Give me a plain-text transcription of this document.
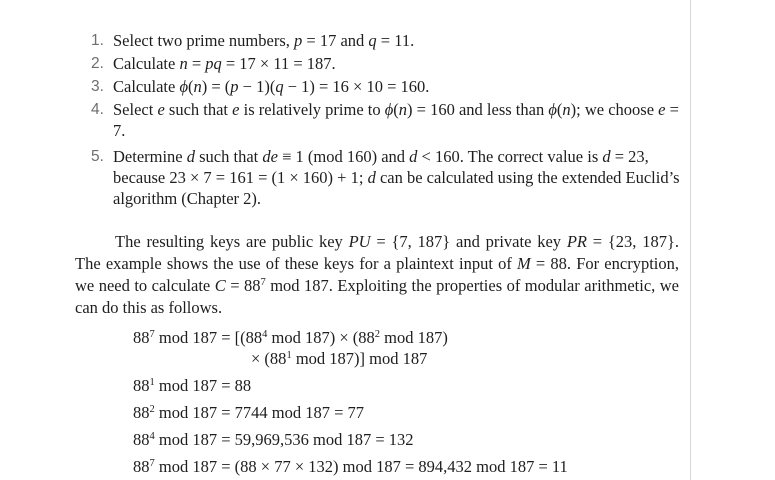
1. Select two prime numbers, p = 17 and q = 11.
2. Calculate n = pq = 17 × 11 = 187.
3. Calculate ϕ(n) = (p − 1)(q − 1) = 16 × 10 = 160.
4. Select e such that e is relatively prime to ϕ(n) = 160 and less than ϕ(n); we choose e = 7.
5. Determine d such that de ≡ 1 (mod 160) and d < 160. The correct value is d = 23, because 23 × 7 = 161 = (1 × 160) + 1; d can be calculated using the extended Euclid’s algorithm (Chapter 2).

The resulting keys are public key PU = {7, 187} and private key PR = {23, 187}. The example shows the use of these keys for a plaintext input of M = 88. For encryption, we need to calculate $C = 88^7$ mod 187. Exploiting the properties of modular arithmetic, we can do this as follows.

$88^7$ mod $187 = [(88^4$ mod $187) \times (88^2$ mod 187)
× ($88^1$ mod 187)] mod 187
$88^1$ mod 187 = 88
$88^2$ mod 187 = 7744 mod 187 = 77
$88^4$ mod 187 = 59,969,536 mod 187 = 132
$88^7$ mod 187 = (88 × 77 × 132) mod 187 = 894,432 mod 187 = 11
